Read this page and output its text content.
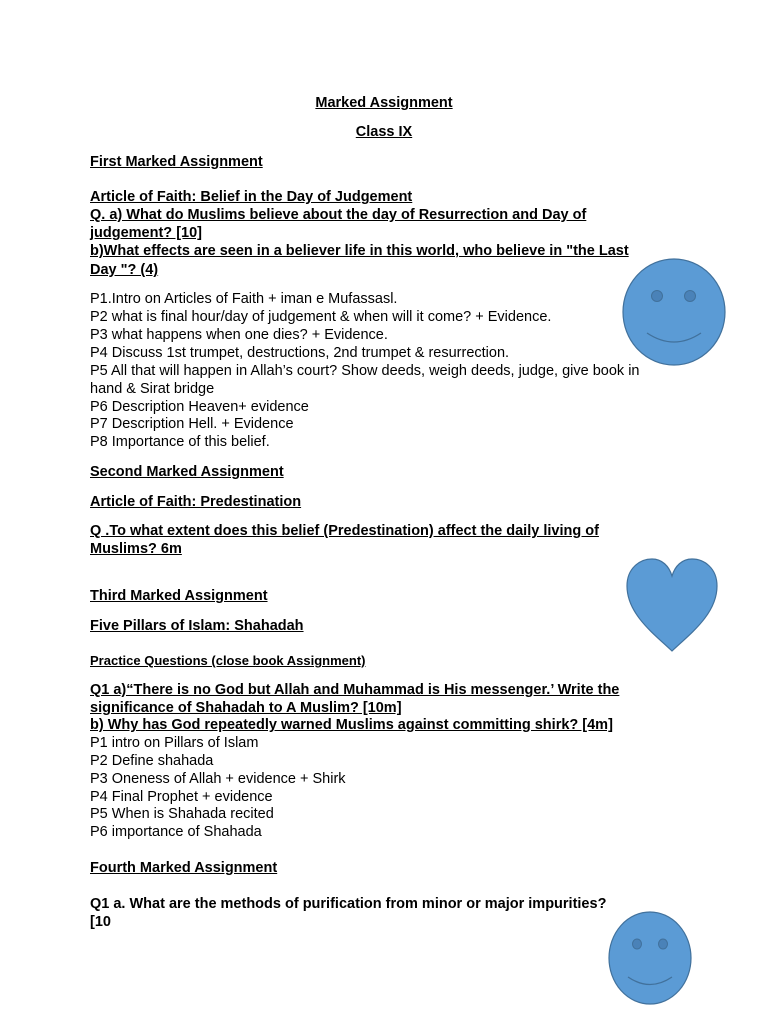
Marked Assignment
Class IX
First Marked Assignment
Article of Faith: Belief in the Day of Judgement
Q. a) What do Muslims believe about the day of Resurrection and Day of
judgement? [10]
b)What effects are seen in a believer life in this world, who believe in "the Last
Day "? (4)
P1.Intro on Articles of Faith + iman e Mufassasl.
P2 what is final hour/day of judgement & when will it come? + Evidence.
P3 what happens when one dies? + Evidence.
P4 Discuss 1st trumpet, destructions, 2nd trumpet & resurrection.
P5 All that will happen in Allah’s court? Show deeds, weigh deeds, judge, give book in
hand & Sirat bridge
P6 Description Heaven+ evidence
P7 Description Hell. + Evidence
P8 Importance of this belief.
Second Marked Assignment
Article of Faith: Predestination
Q .To what extent does this belief (Predestination) affect the daily living of
Muslims? 6m
Third Marked Assignment
Five Pillars of Islam: Shahadah
Practice Questions (close book Assignment)
Q1 a)“There is no God but Allah and Muhammad is His messenger.’ Write the
significance of Shahadah to A Muslim? [10m]
b) Why has God repeatedly warned Muslims against committing shirk? [4m]
P1 intro on Pillars of Islam
P2 Define shahada
P3 Oneness of Allah + evidence + Shirk
P4 Final Prophet + evidence
P5 When is Shahada recited
P6 importance of Shahada
Fourth Marked Assignment
Q1 a. What are the methods of purification from minor or major impurities?
[10
